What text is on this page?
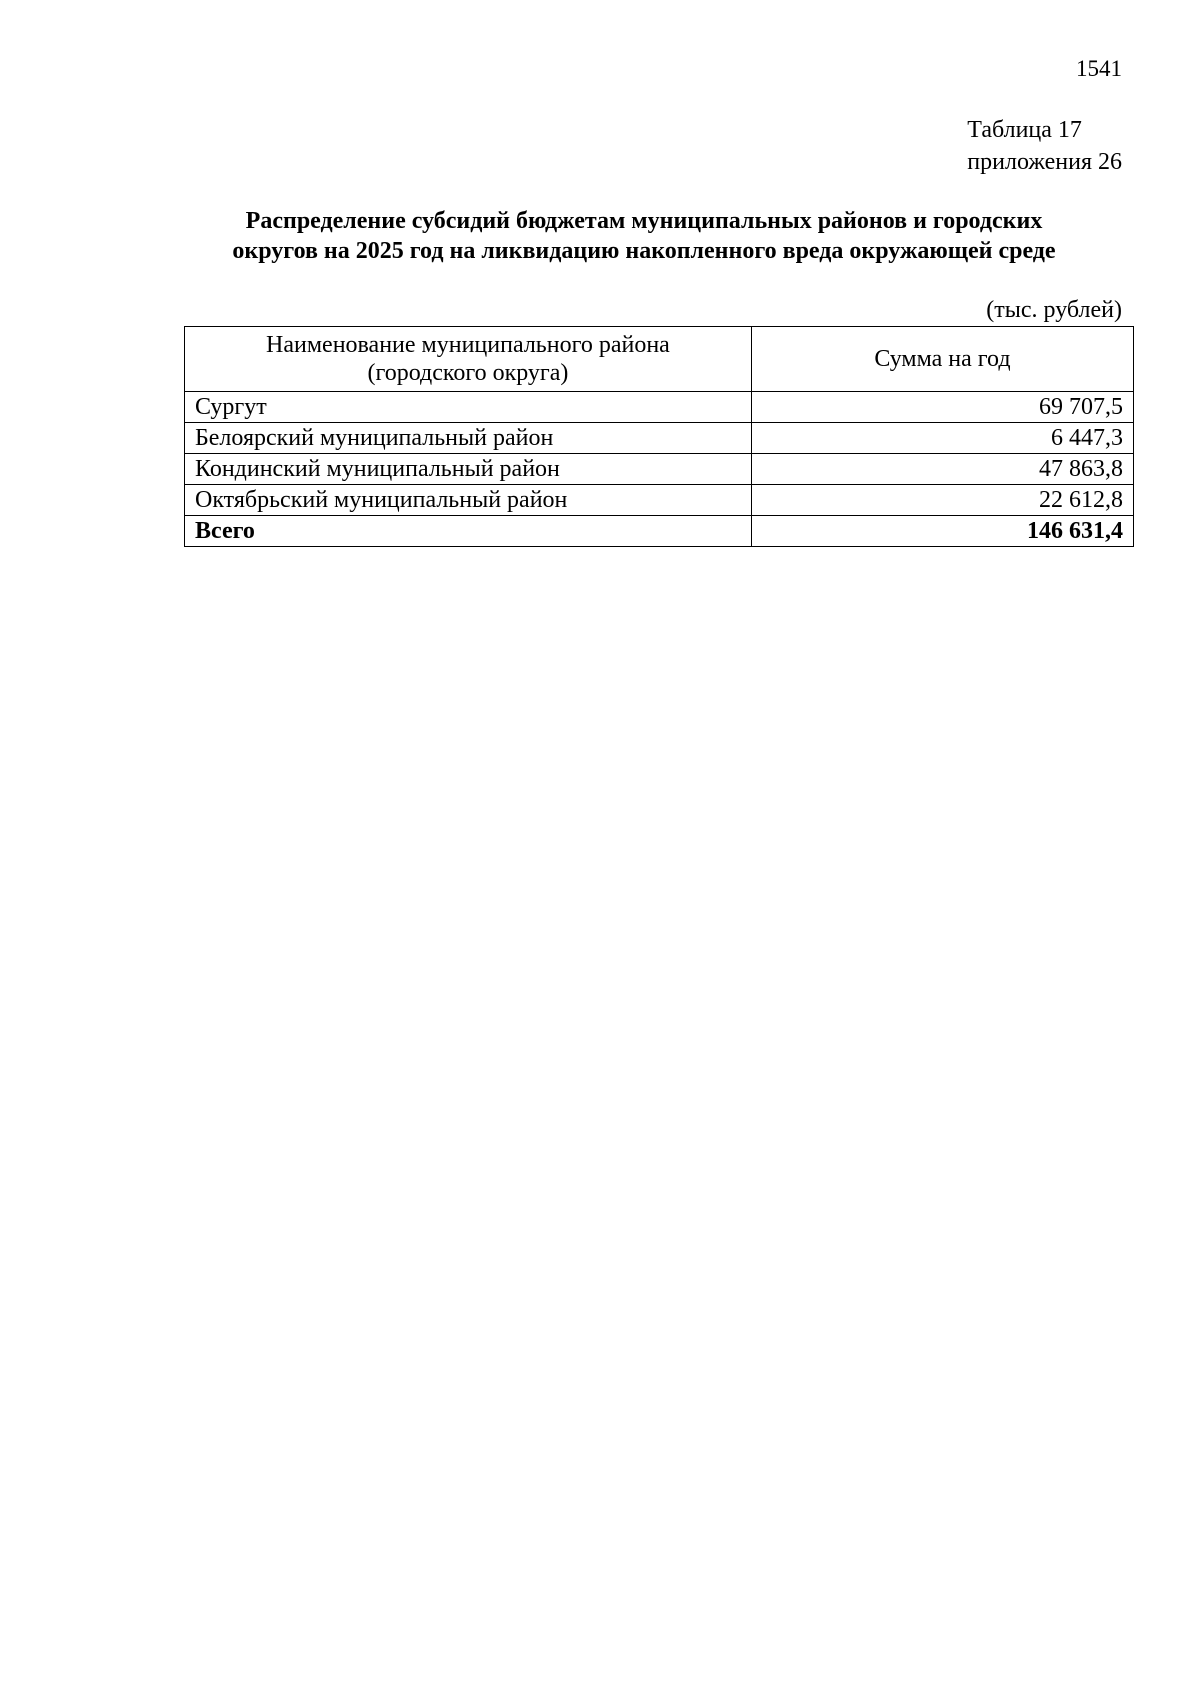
1541
Таблица 17
приложения 26
Распределение субсидий бюджетам муниципальных районов и городских
округов на 2025 год на ликвидацию накопленного вреда окружающей среде
(тыс. рублей)
Наименование муниципального района
(городского округа)	Сумма на год
Сургут	69 707,5
Белоярский муниципальный район	6 447,3
Кондинский муниципальный район	47 863,8
Октябрьский муниципальный район	22 612,8
Всего	146 631,4
